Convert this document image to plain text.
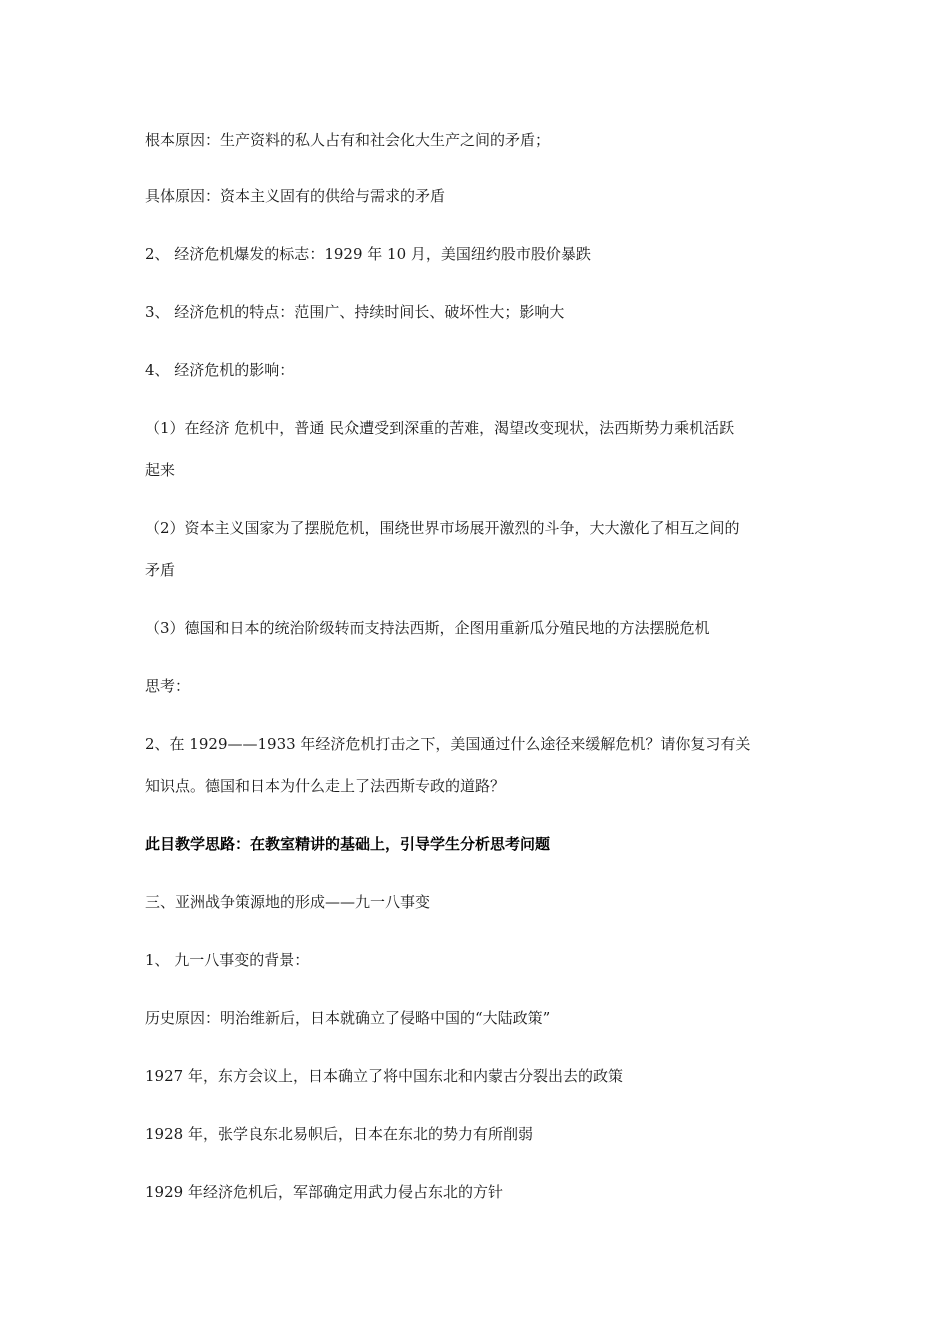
根本原因：生产资料的私人占有和社会化大生产之间的矛盾；

具体原因：资本主义固有的供给与需求的矛盾

2、 经济危机爆发的标志：1929 年 10 月，美国纽约股市股价暴跌

3、 经济危机的特点：范围广、持续时间长、破坏性大；影响大

4、 经济危机的影响：

（1）在经济 危机中，普通 民众遭受到深重的苦难，渴望改变现状，法西斯势力乘机活跃

起来

（2）资本主义国家为了摆脱危机，围绕世界市场展开激烈的斗争，大大激化了相互之间的

矛盾

（3）德国和日本的统治阶级转而支持法西斯，企图用重新瓜分殖民地的方法摆脱危机

思考：

2、在 1929——1933 年经济危机打击之下，美国通过什么途径来缓解危机？请你复习有关

知识点。德国和日本为什么走上了法西斯专政的道路？

此目教学思路：在教室精讲的基础上，引导学生分析思考问题

三、亚洲战争策源地的形成——九一八事变

1、 九一八事变的背景：

历史原因：明治维新后，日本就确立了侵略中国的“大陆政策”

1927 年，东方会议上，日本确立了将中国东北和内蒙古分裂出去的政策

1928 年，张学良东北易帜后，日本在东北的势力有所削弱

1929 年经济危机后，军部确定用武力侵占东北的方针
